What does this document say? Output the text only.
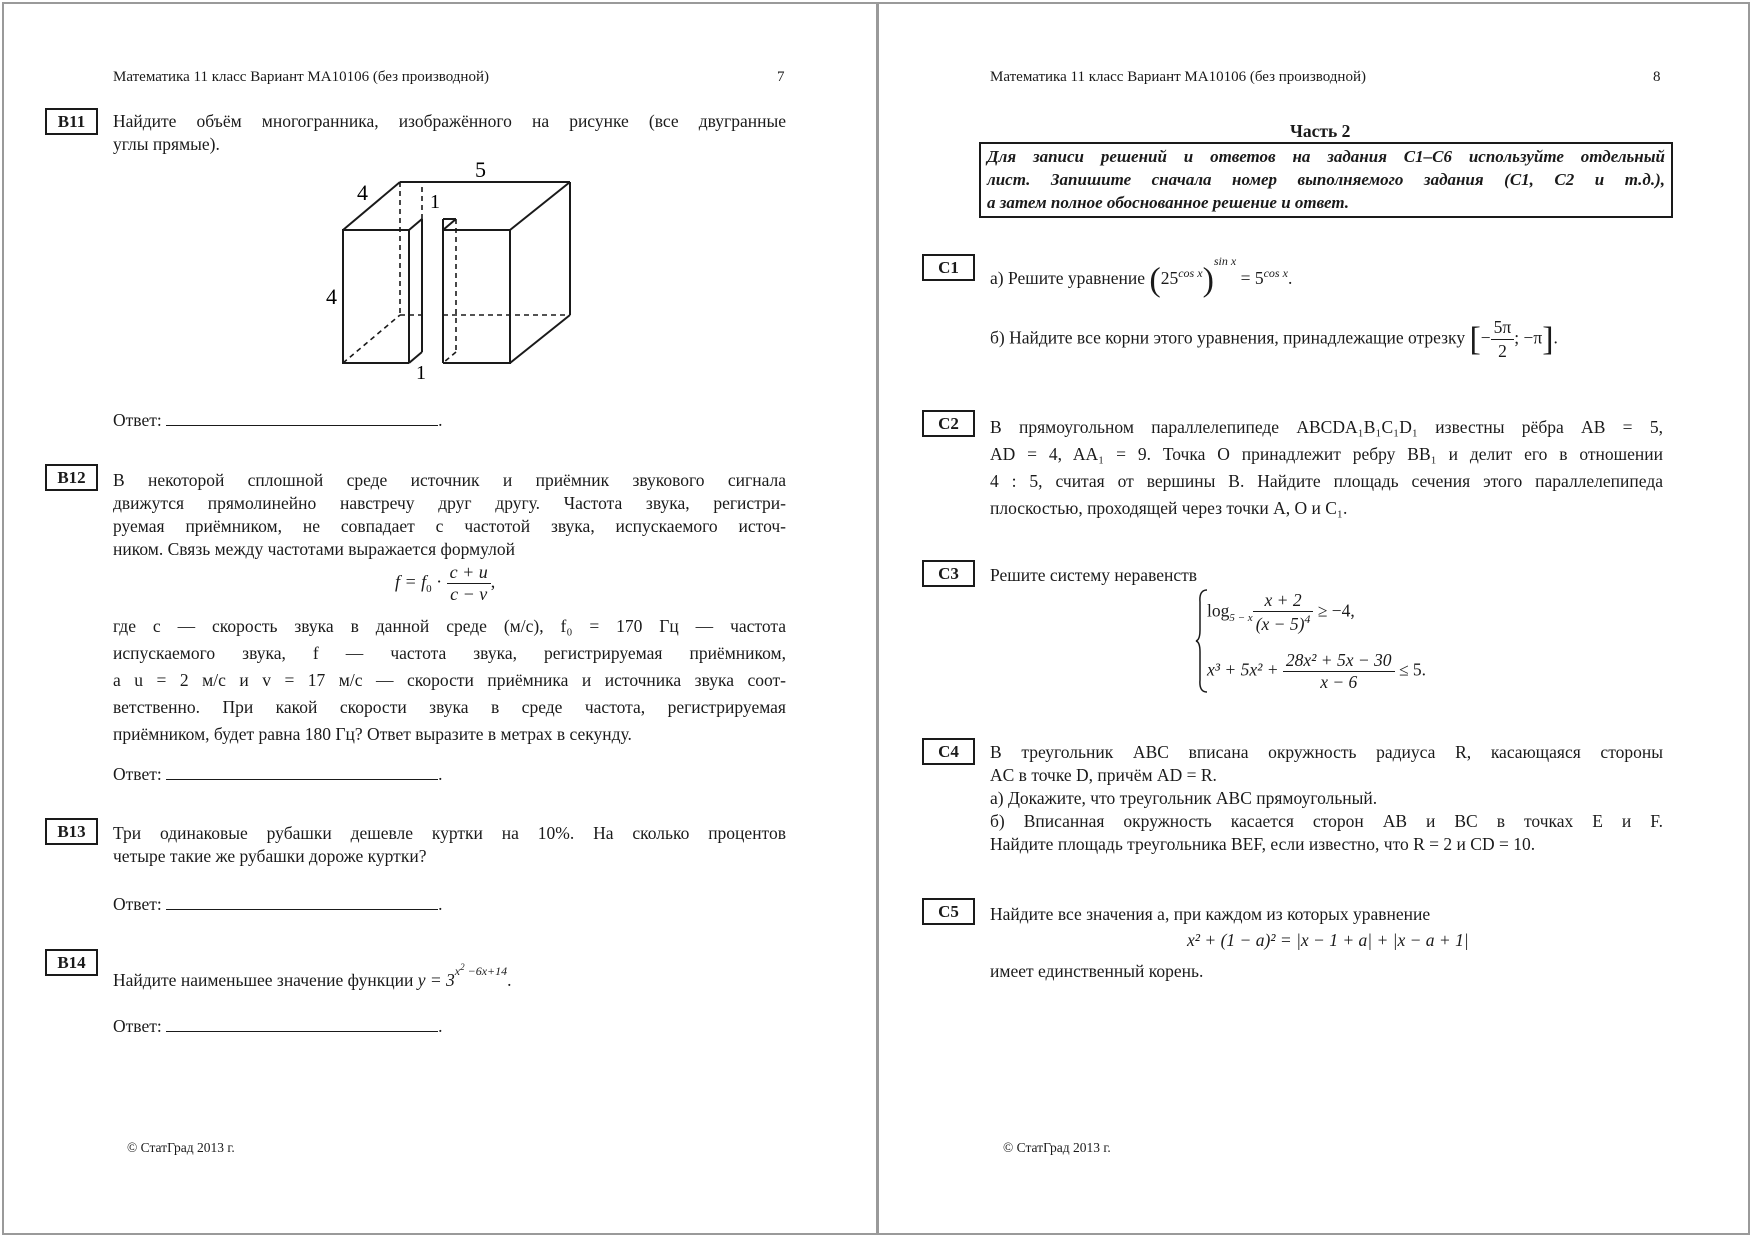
Математика 11 класс Вариант МА10106 (без производной)	7
B11	Найдите объём многогранника, изображённого на рисунке (все двугранные
углы прямые).
5
4	1
4
1
Ответ:	.
B12	В некоторой сплошной среде источник и приёмник звукового сигнала
движутся прямолинейно навстречу друг другу. Частота звука, регистри-
руемая приёмником, не совпадает с частотой звука, испускаемого источ-
ником. Связь между частотами выражается формулой
$f = f_0 \cdot \frac{c + u}{c - v}$ ,
где c — скорость звука в данной среде (м/с), f₀ = 170 Гц — частота
испускаемого звука, f — частота звука, регистрируемая приёмником,
а u = 2 м/с и v = 17 м/с — скорости приёмника и источника звука соот-
ветственно. При какой скорости звука в среде частота, регистрируемая
приёмником, будет равна 180 Гц? Ответ выразите в метрах в секунду.
Ответ:	.
B13	Три одинаковые рубашки дешевле куртки на 10%. На сколько процентов
четыре такие же рубашки дороже куртки?
Ответ:	.
B14
Найдите наименьшее значение функции $y = 3^{x^2 -6x+14}$.
Ответ:	.
© СтатГрад 2013 г.
Математика 11 класс Вариант МА10106 (без производной)	8
Часть 2
Для записи решений и ответов на задания С1–С6 используйте отдельный
лист. Запишите сначала номер выполняемого задания (С1, С2 и т.д.),
а затем полное обоснованное решение и ответ.
С1
а) Решите уравнение $(25^{cos x})^{sin x} = 5^{cos x}$.
б) Найдите все корни этого уравнения, принадлежащие отрезку [− $\frac{5\pi}{2}$ ; −π].
С2	В прямоугольном параллелепипеде ABCDA₁B₁C₁D₁ известны рёбра AB = 5,
AD = 4, AA₁ = 9. Точка O принадлежит ребру BB₁ и делит его в отношении
4 : 5, считая от вершины B. Найдите площадь сечения этого параллелепипеда
плоскостью, проходящей через точки A, O и C₁.
С3	Решите систему неравенств
$\log_{5 - x} \frac{x + 2}{(x - 5)^4} \ge -4$,
$x^3 + 5x^2 + \frac{\text{28x² + 5x − 30}}{x - 6} \le 5$.
С4	В треугольник ABC вписана окружность радиуса R, касающаяся стороны
AC в точке D, причём AD = R.
а) Докажите, что треугольник ABC прямоугольный.
б) Вписанная окружность касается сторон AB и BC в точках E и F.
Найдите площадь треугольника BEF, если известно, что R = 2 и CD = 10.
С5	Найдите все значения a, при каждом из которых уравнение
x² + (1 − a)² = |x − 1 + a| + |x − a + 1|
имеет единственный корень.
© СтатГрад 2013 г.
